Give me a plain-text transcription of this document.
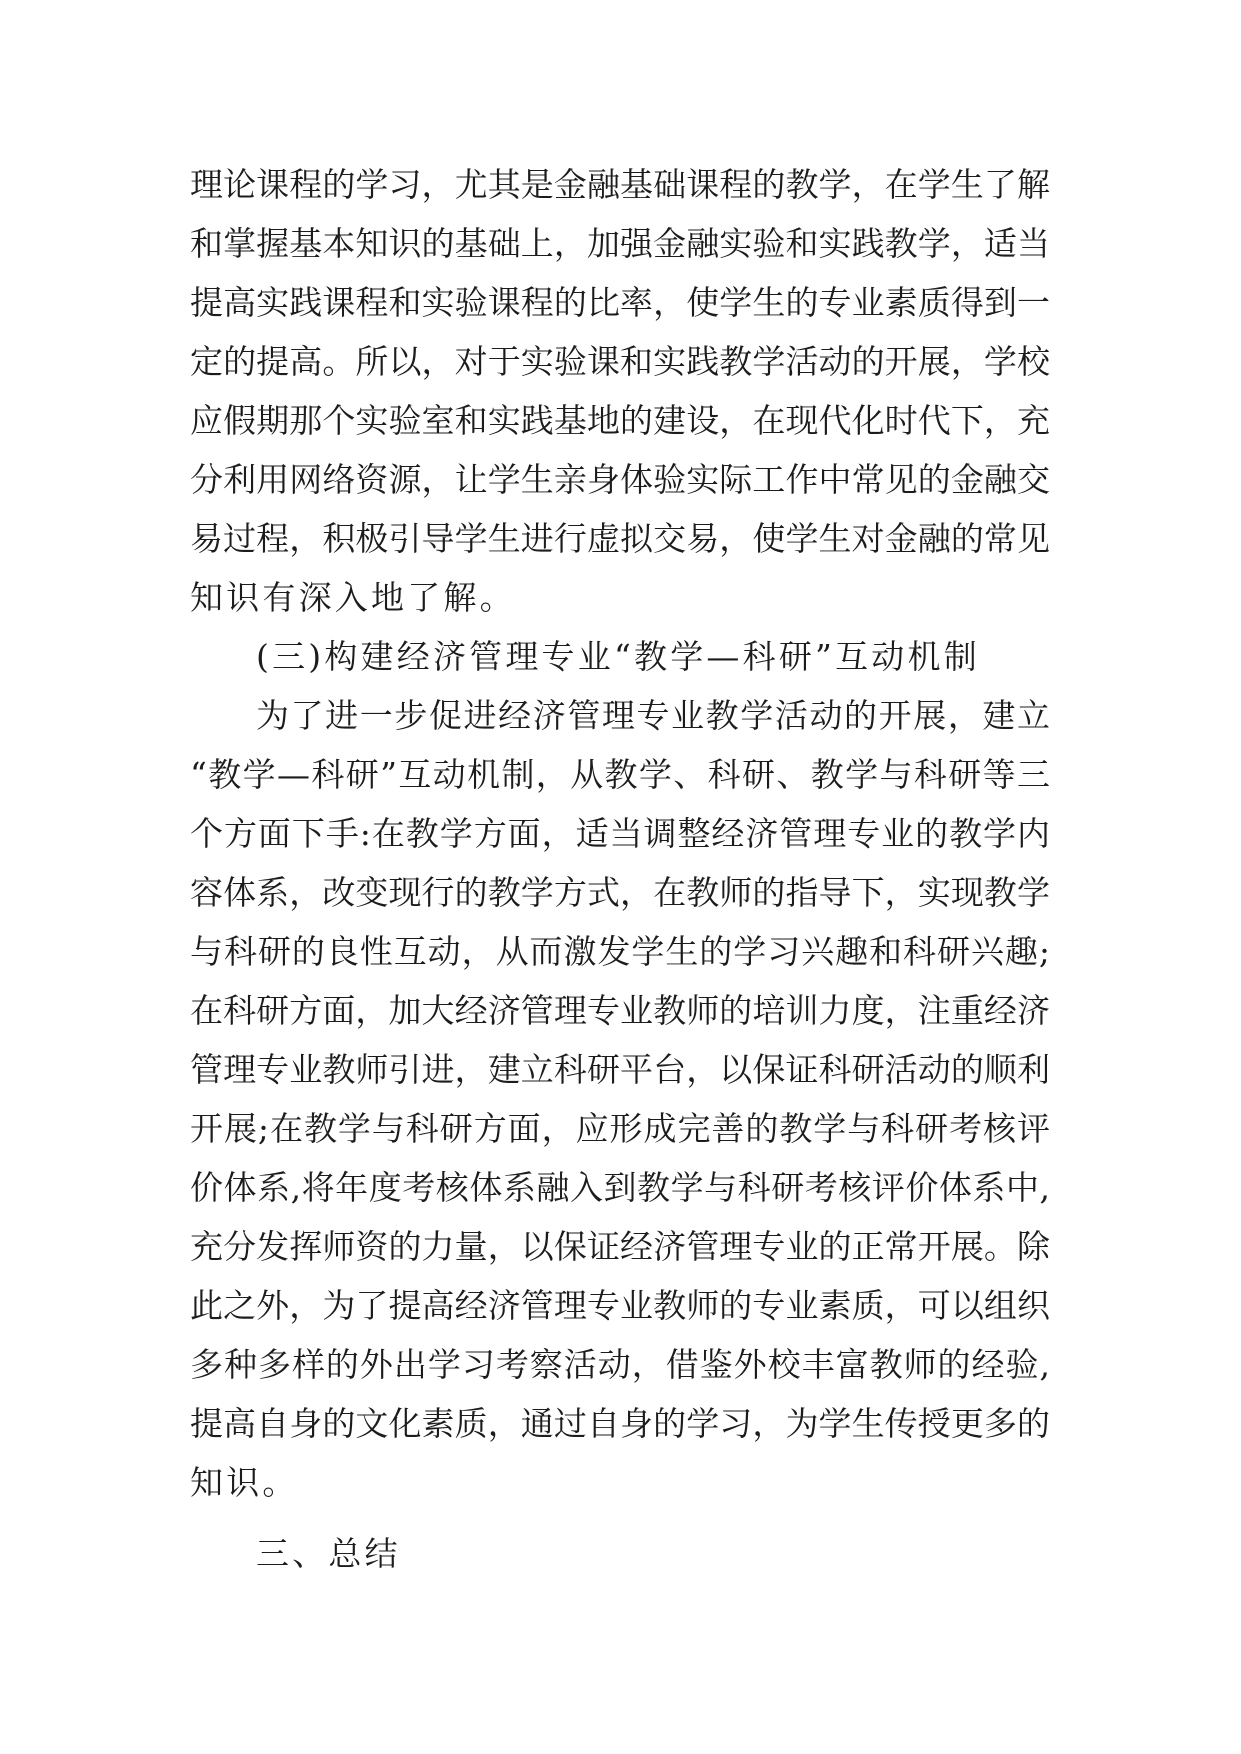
理论课程的学习，尤其是金融基础课程的教学，在学生了解
和掌握基本知识的基础上，加强金融实验和实践教学，适当
提高实践课程和实验课程的比率，使学生的专业素质得到一
定的提高。所以，对于实验课和实践教学活动的开展，学校
应假期那个实验室和实践基地的建设，在现代化时代下，充
分利用网络资源，让学生亲身体验实际工作中常见的金融交
易过程，积极引导学生进行虚拟交易，使学生对金融的常见
知识有深入地了解。
(三)构建经济管理专业“教学—科研”互动机制
为了进一步促进经济管理专业教学活动的开展，建立
“教学—科研”互动机制，从教学、科研、教学与科研等三
个方面下手:在教学方面，适当调整经济管理专业的教学内
容体系，改变现行的教学方式，在教师的指导下，实现教学
与科研的良性互动，从而激发学生的学习兴趣和科研兴趣;
在科研方面，加大经济管理专业教师的培训力度，注重经济
管理专业教师引进，建立科研平台，以保证科研活动的顺利
开展;在教学与科研方面，应形成完善的教学与科研考核评
价体系,将年度考核体系融入到教学与科研考核评价体系中,
充分发挥师资的力量，以保证经济管理专业的正常开展。除
此之外，为了提高经济管理专业教师的专业素质，可以组织
多种多样的外出学习考察活动，借鉴外校丰富教师的经验,
提高自身的文化素质，通过自身的学习，为学生传授更多的
知识。
三、总结
